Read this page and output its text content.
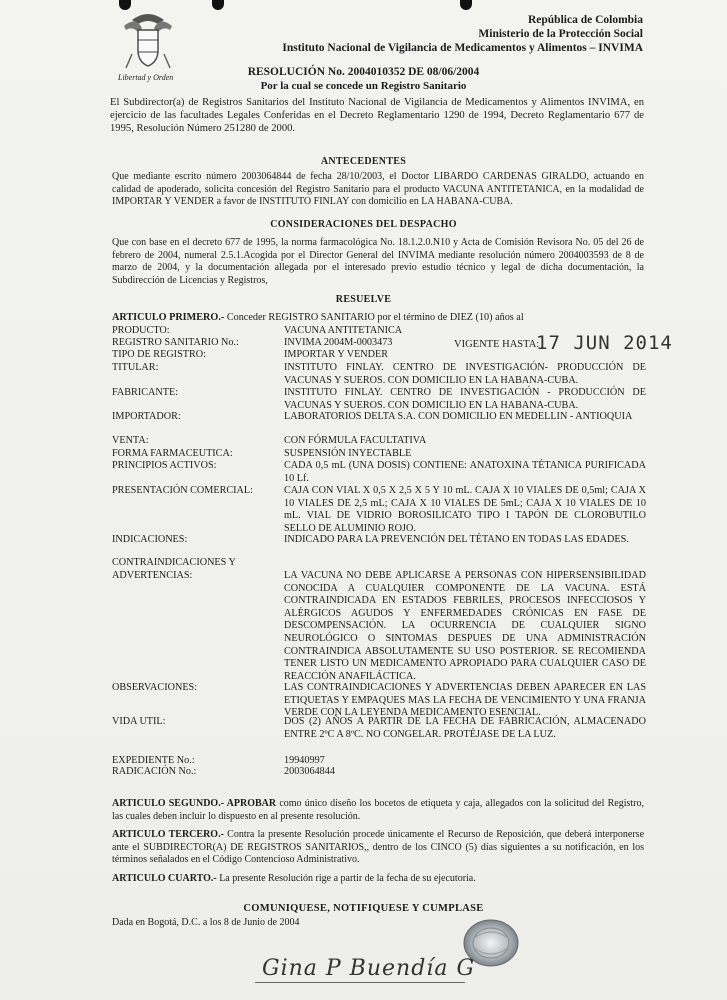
Libertad y Orden
República de Colombia
Ministerio de la Protección Social
Instituto Nacional de Vigilancia de Medicamentos y Alimentos – INVIMA
RESOLUCIÓN No. 2004010352 DE 08/06/2004
Por la cual se concede un Registro Sanitario
El Subdirector(a) de Registros Sanitarios del Instituto Nacional de Vigilancia de Medicamentos y Alimentos INVIMA, en ejercicio de las facultades Legales Conferidas en el Decreto Reglamentario 1290 de 1994, Decreto Reglamentario 677 de 1995, Resolución Número 251280 de 2000.
ANTECEDENTES
Que mediante escrito número 2003064844 de fecha 28/10/2003, el Doctor LIBARDO CARDENAS GIRALDO, actuando en calidad de apoderado, solicita concesión del Registro Sanitario para el producto VACUNA ANTITETANICA, en la modalidad de IMPORTAR Y VENDER a favor de INSTITUTO FINLAY con domicilio en LA HABANA-CUBA.
CONSIDERACIONES DEL DESPACHO
Que con base en el decreto 677 de 1995, la norma farmacológica No. 18.1.2.0.N10 y Acta de Comisión Revisora No. 05 del 26 de febrero de 2004, numeral 2.5.1.Acogida por el Director General del INVIMA mediante resolución número 2004003593 de 8 de marzo de 2004, y la documentación allegada por el interesado previo estudio técnico y legal de dicha documentación, la Subdirección de Licencias y Registros,
RESUELVE
ARTICULO PRIMERO.- Conceder REGISTRO SANITARIO por el término de DIEZ (10) años al
VIGENTE HASTA:
17 JUN 2014
PRODUCTO:	VACUNA ANTITETANICA
REGISTRO SANITARIO No.:	INVIMA 2004M-0003473
TIPO DE REGISTRO:	IMPORTAR Y VENDER
TITULAR:	INSTITUTO FINLAY. CENTRO DE INVESTIGACIÓN- PRODUCCIÓN DE VACUNAS Y SUEROS. CON DOMICILIO EN LA HABANA-CUBA.
FABRICANTE:	INSTITUTO FINLAY. CENTRO DE INVESTIGACIÓN - PRODUCCIÓN DE VACUNAS Y SUEROS. CON DOMICILIO EN LA HABANA-CUBA.
IMPORTADOR:	LABORATORIOS DELTA S.A. CON DOMICILIO EN MEDELLIN - ANTIOQUIA
VENTA:	CON FÓRMULA FACULTATIVA
FORMA FARMACEUTICA:	SUSPENSIÓN INYECTABLE
PRINCIPIOS ACTIVOS:	CADA 0,5 mL (UNA DOSIS) CONTIENE: ANATOXINA TÉTANICA PURIFICADA 10 Lf.
PRESENTACIÓN COMERCIAL:	CAJA CON VIAL X 0,5 X 2,5 X 5 Y 10 mL. CAJA X 10 VIALES DE 0,5ml; CAJA X 10 VIALES DE 2,5 mL; CAJA X 10 VIALES DE 5mL; CAJA X 10 VIALES DE 10 mL. VIAL DE VIDRIO BOROSILICATO TIPO I TAPÓN DE CLOROBUTILO SELLO DE ALUMINIO ROJO.
INDICACIONES:	INDICADO PARA LA PREVENCIÓN DEL TÉTANO EN TODAS LAS EDADES.
CONTRAINDICACIONES Y
ADVERTENCIAS:	LA VACUNA NO DEBE APLICARSE A PERSONAS CON HIPERSENSIBILIDAD CONOCIDA A CUALQUIER COMPONENTE DE LA VACUNA. ESTÁ CONTRAINDICADA EN ESTADOS FEBRILES, PROCESOS INFECCIOSOS Y ALÉRGICOS AGUDOS Y ENFERMEDADES CRÓNICAS EN FASE DE DESCOMPENSACIÓN. LA OCURRENCIA DE CUALQUIER SIGNO NEUROLÓGICO O SINTOMAS DESPUES DE UNA ADMINISTRACIÓN CONTRAINDICA ABSOLUTAMENTE SU USO POSTERIOR. SE RECOMIENDA TENER LISTO UN MEDICAMENTO APROPIADO PARA CUALQUIER CASO DE REACCIÓN ANAFILÁCTICA.
OBSERVACIONES:	LAS CONTRAINDICACIONES Y ADVERTENCIAS DEBEN APARECER EN LAS ETIQUETAS Y EMPAQUES MAS LA FECHA DE VENCIMIENTO Y UNA FRANJA VERDE CON LA LEYENDA MEDICAMENTO ESENCIAL.
VIDA UTIL:	DOS (2) AÑOS A PARTIR DE LA FECHA DE FABRICACIÓN, ALMACENADO ENTRE 2ºC A 8ºC. NO CONGELAR. PROTÉJASE DE LA LUZ.
EXPEDIENTE No.:	19940997
RADICACIÓN No.:	2003064844
ARTICULO SEGUNDO.- APROBAR como único diseño los bocetos de etiqueta y caja, allegados con la solicitud del Registro, las cuales deben incluir lo dispuesto en al presente resolución.
ARTICULO TERCERO.- Contra la presente Resolución procede únicamente el Recurso de Reposición, que deberá interponerse ante el SUBDIRECTOR(A) DE REGISTROS SANITARIOS,, dentro de los CINCO (5) días siguientes a su notificación, en los términos señalados en el Código Contencioso Administrativo.
ARTICULO CUARTO.- La presente Resolución rige a partir de la fecha de su ejecutoria.
COMUNIQUESE, NOTIFIQUESE Y CUMPLASE
Dada en Bogotá, D.C. a los 8 de Junio de 2004
Gina P Buendía G
